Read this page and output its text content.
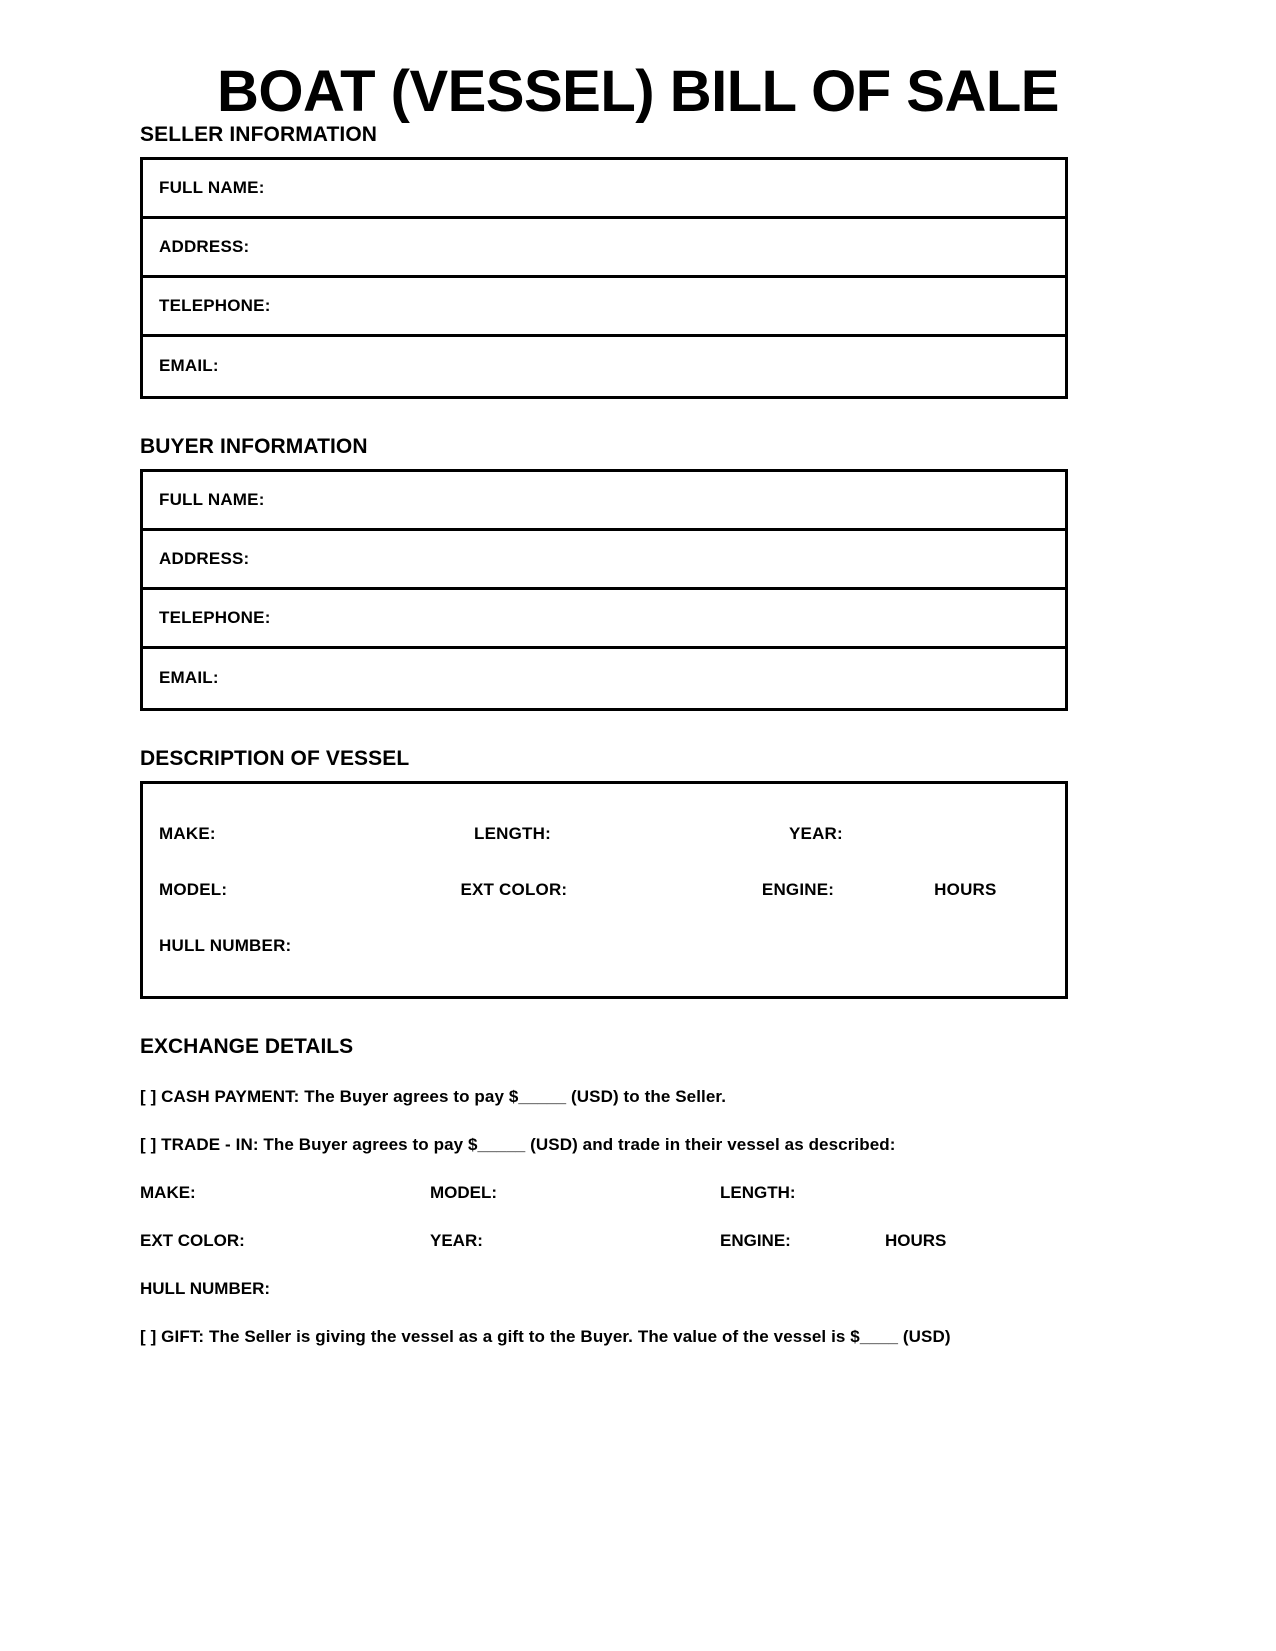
BOAT (VESSEL) BILL OF SALE
SELLER INFORMATION
FULL NAME:
ADDRESS:
TELEPHONE:
EMAIL:
BUYER INFORMATION
FULL NAME:
ADDRESS:
TELEPHONE:
EMAIL:
DESCRIPTION OF VESSEL
MAKE:	LENGTH:	YEAR:
MODEL:	EXT COLOR:	ENGINE:	HOURS
HULL NUMBER:
EXCHANGE DETAILS
[ ] CASH PAYMENT: The Buyer agrees to pay $_____ (USD) to the Seller.
[ ] TRADE - IN: The Buyer agrees to pay $_____ (USD) and trade in their vessel as described:
MAKE:	MODEL:	LENGTH:
EXT COLOR:	YEAR:	ENGINE:	HOURS
HULL NUMBER:
[ ] GIFT: The Seller is giving the vessel as a gift to the Buyer. The value of the vessel is $____ (USD)
